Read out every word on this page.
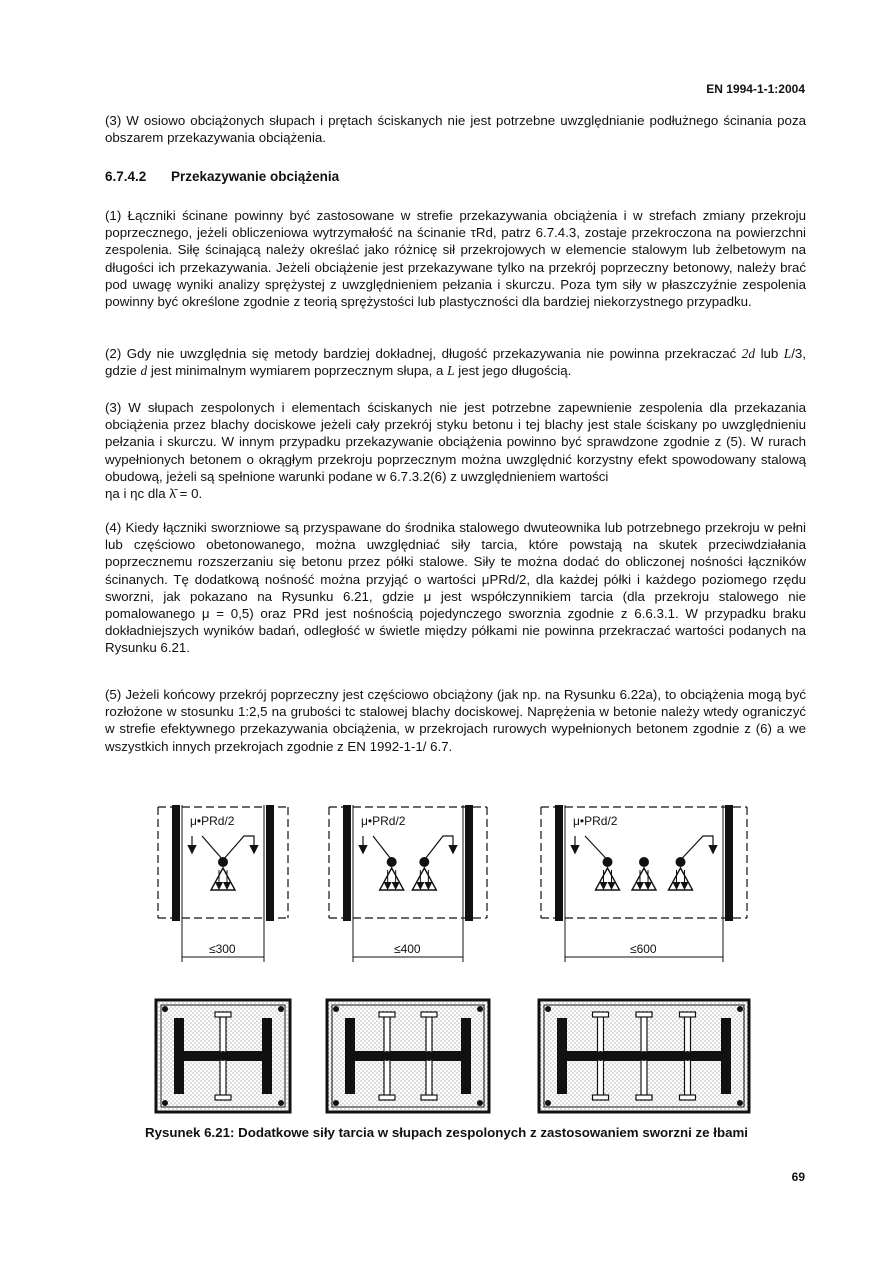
EN 1994-1-1:2004

(3) W osiowo obciążonych słupach i prętach ściskanych nie jest potrzebne uwzględnianie podłużnego ścinania poza obszarem przekazywania obciążenia.

6.7.4.2 Przekazywanie obciążenia

(1) Łączniki ścinane powinny być zastosowane w strefie przekazywania obciążenia i w strefach zmiany przekroju poprzecznego, jeżeli obliczeniowa wytrzymałość na ścinanie τRd, patrz 6.7.4.3, zostaje przekroczona na powierzchni zespolenia. Siłę ścinającą należy określać jako różnicę sił przekrojowych w elemencie stalowym lub żelbetowym na długości ich przekazywania. Jeżeli obciążenie jest przekazywane tylko na przekrój poprzeczny betonowy, należy brać pod uwagę wyniki analizy sprężystej z uwzględnieniem pełzania i skurczu. Poza tym siły w płaszczyźnie zespolenia powinny być określone zgodnie z teorią sprężystości lub plastyczności dla bardziej niekorzystnego przypadku.

(2) Gdy nie uwzględnia się metody bardziej dokładnej, długość przekazywania nie powinna przekraczać 2d lub L/3, gdzie d jest minimalnym wymiarem poprzecznym słupa, a L jest jego długością.

(3) W słupach zespolonych i elementach ściskanych nie jest potrzebne zapewnienie zespolenia dla przekazania obciążenia przez blachy dociskowe jeżeli cały przekrój styku betonu i tej blachy jest stale ściskany po uwzględnieniu pełzania i skurczu. W innym przypadku przekazywanie obciążenia powinno być sprawdzone zgodnie z (5). W rurach wypełnionych betonem o okrągłym przekroju poprzecznym można uwzględnić korzystny efekt spowodowany stalową obudową, jeżeli są spełnione warunki podane w 6.7.3.2(6) z uwzględnieniem wartości
ηa i ηc dla λ̄ = 0.

(4) Kiedy łączniki sworzniowe są przyspawane do środnika stalowego dwuteownika lub potrzebnego przekroju w pełni lub częściowo obetonowanego, można uwzględniać siły tarcia, które powstają na skutek przeciwdziałania poprzecznemu rozszerzaniu się betonu przez półki stalowe. Siły te można dodać do obliczonej nośności łączników ścinanych. Tę dodatkową nośność można przyjąć o wartości μPRd/2, dla każdej półki i każdego poziomego rzędu sworzni, jak pokazano na Rysunku 6.21, gdzie μ jest współczynnikiem tarcia (dla przekroju stalowego nie pomalowanego μ = 0,5) oraz PRd jest nośnością pojedynczego sworznia zgodnie z 6.6.3.1. W przypadku braku dokładniejszych wyników badań, odległość w świetle między półkami nie powinna przekraczać wartości podanych na Rysunku 6.21.

(5) Jeżeli końcowy przekrój poprzeczny jest częściowo obciążony (jak np. na Rysunku 6.22a), to obciążenia mogą być rozłożone w stosunku 1:2,5 na grubości tc stalowej blachy dociskowej. Naprężenia w betonie należy wtedy ograniczyć w strefie efektywnego przekazywania obciążenia, w przekrojach rurowych wypełnionych betonem zgodnie z (6) a we wszystkich innych przekrojach zgodnie z EN 1992-1-1/ 6.7.

μ•PRd/2
≤300
μ•PRd/2
≤400
μ•PRd/2
≤600

Rysunek 6.21: Dodatkowe siły tarcia w słupach zespolonych z zastosowaniem sworzni ze łbami

69
